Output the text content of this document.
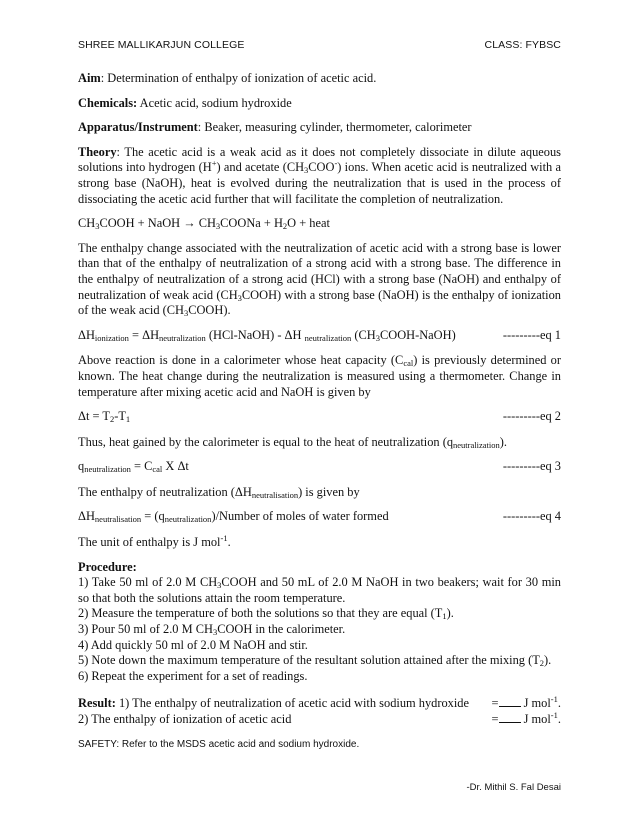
SHREE MALLIKARJUN COLLEGE	CLASS: FYBSC

Aim: Determination of enthalpy of ionization of acetic acid.

Chemicals: Acetic acid, sodium hydroxide

Apparatus/Instrument: Beaker, measuring cylinder, thermometer, calorimeter

Theory: The acetic acid is a weak acid as it does not completely dissociate in dilute aqueous solutions into hydrogen (H+) and acetate $(CH_3COO^-)$ ions. When acetic acid is neutralized with a strong base (NaOH), heat is evolved during the neutralization that is used in the process of dissociating the acetic acid further that will facilitate the completion of neutralization.

$CH_3COOH$ + NaOH → $CH_3COONa + H_2O$ + heat

The enthalpy change associated with the neutralization of acetic acid with a strong base is lower than that of the enthalpy of neutralization of a strong acid with a strong base. The difference in the enthalpy of neutralization of a strong acid (HCl) with a strong base (NaOH) and enthalpy of neutralization of weak acid $(CH_3COOH)$ with a strong base (NaOH) is the enthalpy of ionization of the weak acid $(CH_3COOH)$.

$\Delta H_{ionization} = \Delta H_{neutralization}$ (HCl-NaOH) - ΔH $_{neutralization}$ $(CH_3COOH-NaOH)$	---------eq 1

Above reaction is done in a calorimeter whose heat capacity $(C_{cal})$ is previously determined or known. The heat change during the neutralization is measured using a thermometer. Change in temperature after mixing acetic acid and NaOH is given by

$\Delta t = T_2-T_1$	---------eq 2

Thus, heat gained by the calorimeter is equal to the heat of neutralization $(q_{neutralization})$.

$q_{neutralization} = C_{cal}$ X Δt	---------eq 3

The enthalpy of neutralization $(\Delta H_{neutralisation})$ is given by

$\Delta H_{neutralisation}$ = $(q_{neutralization})$/Number of moles of water formed	---------eq 4

The unit of enthalpy is J mol$^{-1}$.

Procedure:
1) Take 50 ml of 2.0 M $CH_3COOH$ and 50 mL of 2.0 M NaOH in two beakers; wait for 30 min so that both the solutions attain the room temperature.
2) Measure the temperature of both the solutions so that they are equal $(T_1)$.
3) Pour 50 ml of 2.0 M $CH_3COOH$ in the calorimeter.
4) Add quickly 50 ml of 2.0 M NaOH and stir.
5) Note down the maximum temperature of the resultant solution attained after the mixing $(T_2)$.
6) Repeat the experiment for a set of readings.
Result: 1) The enthalpy of neutralization of acetic acid with sodium hydroxide = J mol$^{-1}$.
2) The enthalpy of ionization of acetic acid	= J mol$^{-1}$.
SAFETY: Refer to the MSDS acetic acid and sodium hydroxide.
-Dr. Mithil S. Fal Desai
